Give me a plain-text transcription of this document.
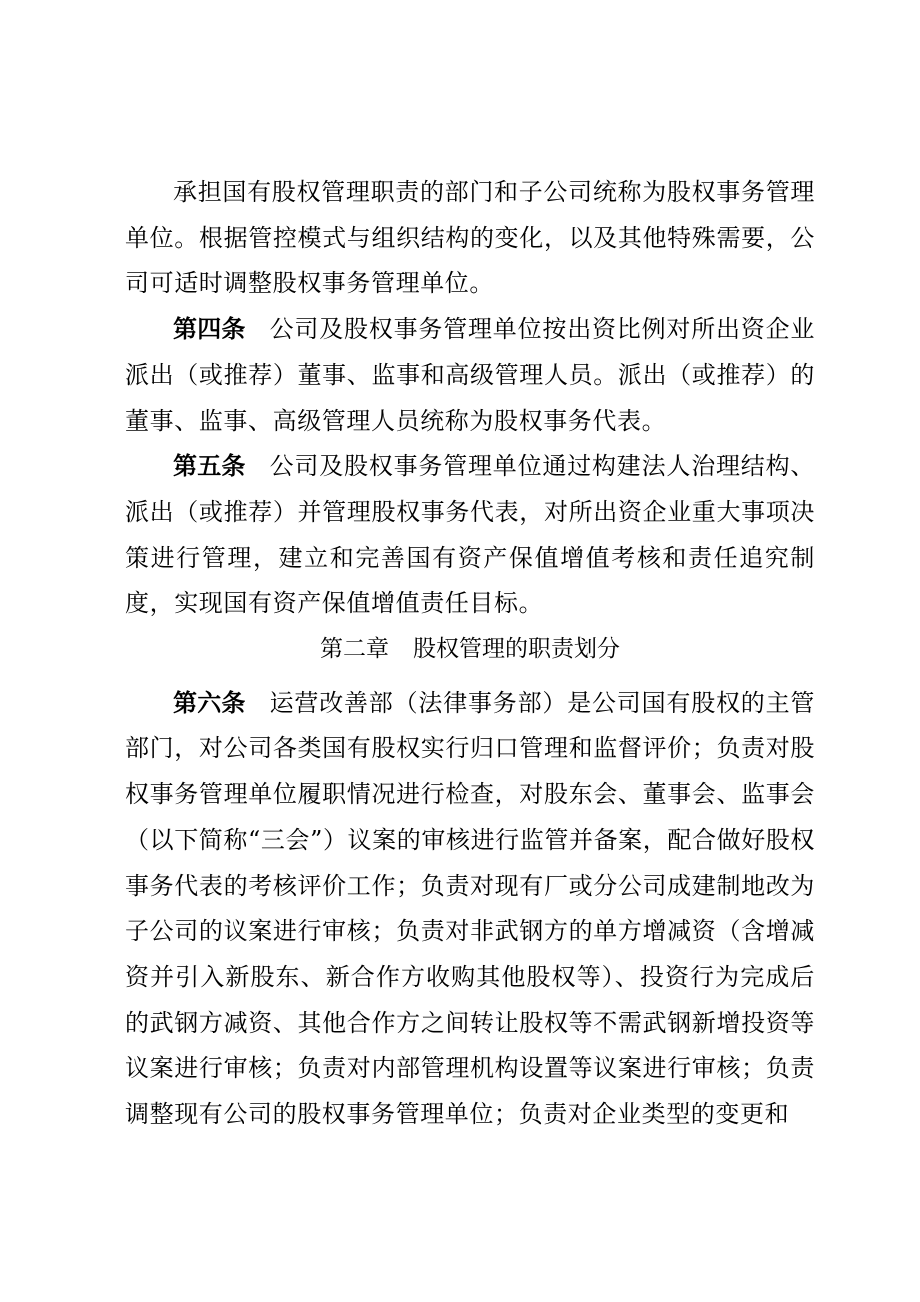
承担国有股权管理职责的部门和子公司统称为股权事务管理单位。根据管控模式与组织结构的变化，以及其他特殊需要，公司可适时调整股权事务管理单位。

第四条 公司及股权事务管理单位按出资比例对所出资企业派出（或推荐）董事、监事和高级管理人员。派出（或推荐）的董事、监事、高级管理人员统称为股权事务代表。

第五条 公司及股权事务管理单位通过构建法人治理结构、派出（或推荐）并管理股权事务代表，对所出资企业重大事项决策进行管理，建立和完善国有资产保值增值考核和责任追究制度，实现国有资产保值增值责任目标。

第二章 股权管理的职责划分

第六条 运营改善部（法律事务部）是公司国有股权的主管部门，对公司各类国有股权实行归口管理和监督评价；负责对股权事务管理单位履职情况进行检查，对股东会、董事会、监事会（以下简称“三会”）议案的审核进行监管并备案，配合做好股权事务代表的考核评价工作；负责对现有厂或分公司成建制地改为子公司的议案进行审核；负责对非武钢方的单方增减资（含增减资并引入新股东、新合作方收购其他股权等）、投资行为完成后的武钢方减资、其他合作方之间转让股权等不需武钢新增投资等议案进行审核；负责对内部管理机构设置等议案进行审核；负责调整现有公司的股权事务管理单位；负责对企业类型的变更和
